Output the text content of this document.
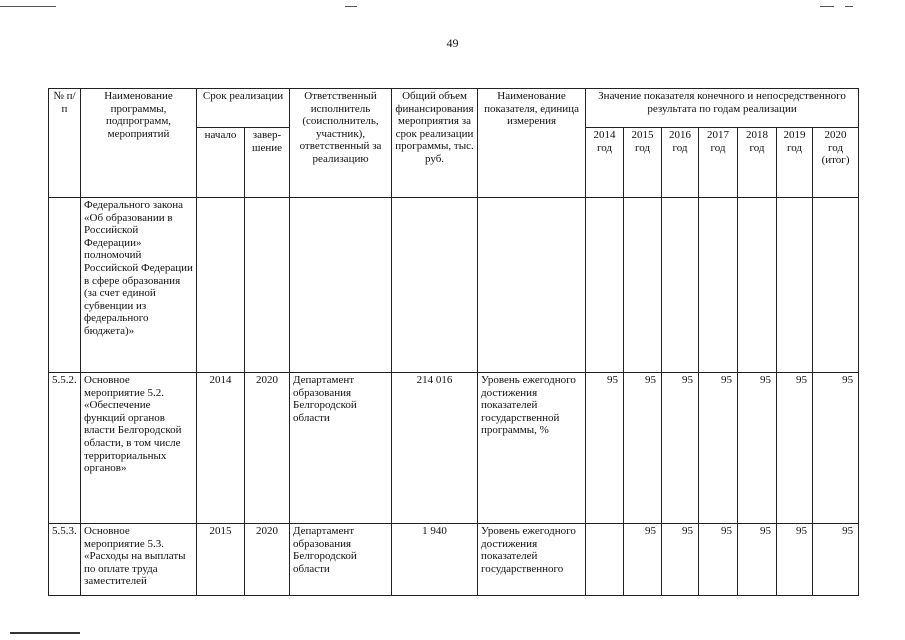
49
№ п/п	Наименование программы, подпрограмм, мероприятий	Срок реализации		Ответственный исполнитель (соисполнитель, участник), ответственный за реализацию	Общий объем финансирования мероприятия за срок реализации программы, тыс. руб.	Наименование показателя, единица измерения	Значение показателя конечного и непосредственного результата по годам реализации						
		начало	завер-шение				2014 год	2015 год	2016 год	2017 год	2018 год	2019 год	2020 год (итог)
	Федерального закона «Об образовании в Российской Федерации» полномочий Российской Федерации в сфере образования (за счет единой субвенции из федерального бюджета)»												
5.5.2.	Основное мероприятие 5.2. «Обеспечение функций органов власти Белгородской области, в том числе территориальных органов»	2014	2020	Департамент образования Белгородской области	214 016	Уровень ежегодного достижения показателей государственной программы, %	95	95	95	95	95	95	95
5.5.3.	Основное мероприятие 5.3. «Расходы на выплаты по оплате труда заместителей	2015	2020	Департамент образования Белгородской области	1 940	Уровень ежегодного достижения показателей государственного		95	95	95	95	95	95
